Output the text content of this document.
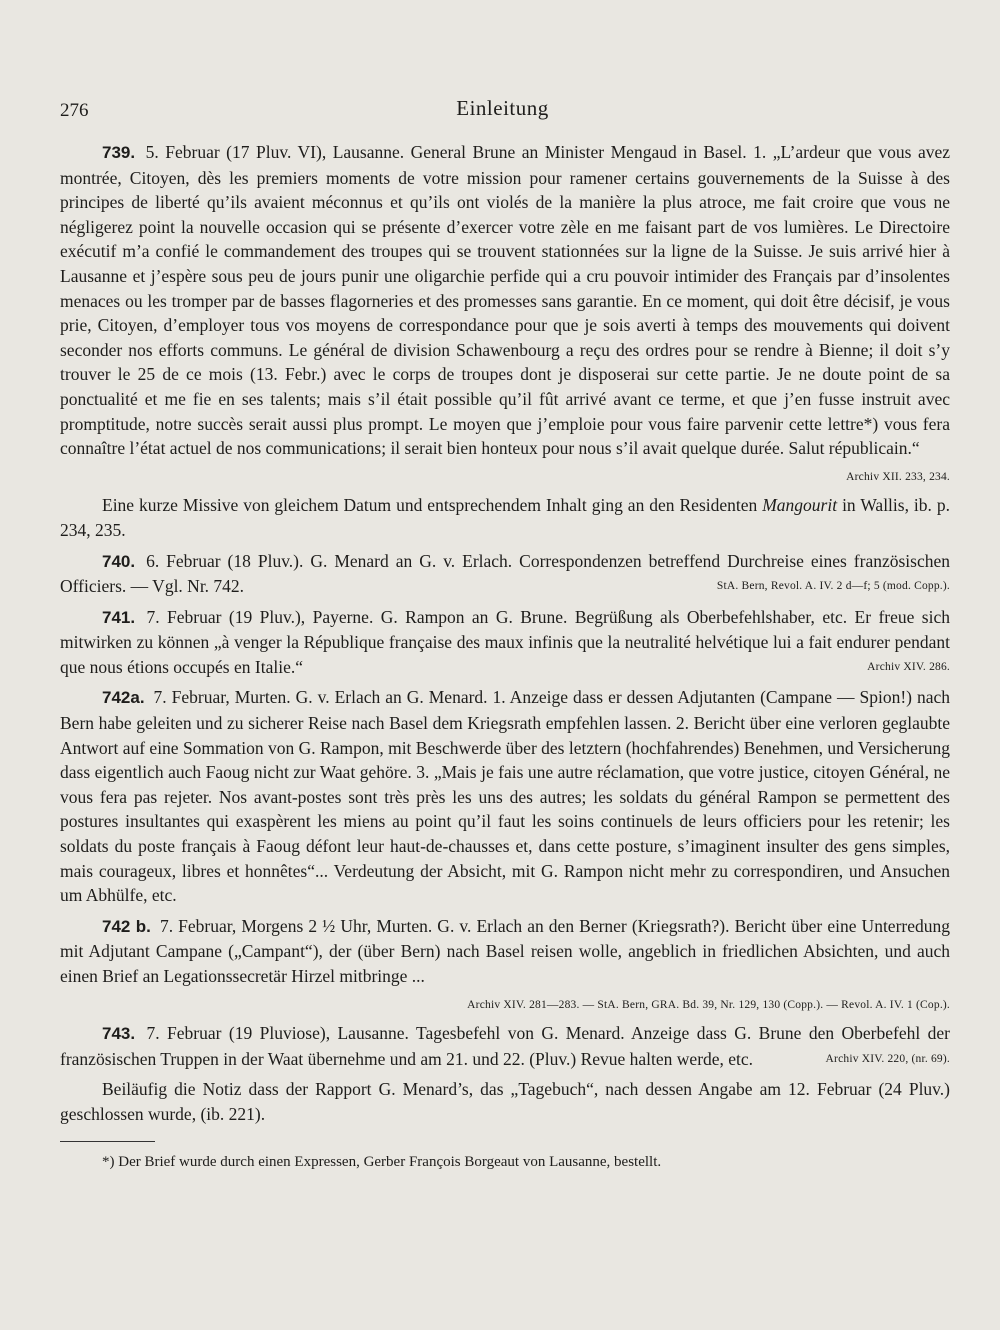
276	Einleitung

739. 5. Februar (17 Pluv. VI), Lausanne. General Brune an Minister Mengaud in Basel. 1. „L’ardeur que vous avez montrée, Citoyen, dès les premiers moments de votre mission pour ramener certains gouvernements de la Suisse à des principes de liberté qu’ils avaient méconnus et qu’ils ont violés de la manière la plus atroce, me fait croire que vous ne négligerez point la nouvelle occasion qui se présente d’exercer votre zèle en me faisant part de vos lumières. Le Directoire exécutif m’a confié le commandement des troupes qui se trouvent stationnées sur la ligne de la Suisse. Je suis arrivé hier à Lausanne et j’espère sous peu de jours punir une oligarchie perfide qui a cru pouvoir intimider des Français par d’insolentes menaces ou les tromper par de basses flagorneries et des promesses sans garantie. En ce moment, qui doit être décisif, je vous prie, Citoyen, d’employer tous vos moyens de correspondance pour que je sois averti à temps des mouvements qui doivent seconder nos efforts communs. Le général de division Schawenbourg a reçu des ordres pour se rendre à Bienne; il doit s’y trouver le 25 de ce mois (13. Febr.) avec le corps de troupes dont je disposerai sur cette partie. Je ne doute point de sa ponctualité et me fie en ses talents; mais s’il était possible qu’il fût arrivé avant ce terme, et que j’en fusse instruit avec promptitude, notre succès serait aussi plus prompt. Le moyen que j’emploie pour vous faire parvenir cette lettre*) vous fera connaître l’état actuel de nos communications; il serait bien honteux pour nous s’il avait quelque durée. Salut républicain.“

Archiv XII. 233, 234.

Eine kurze Missive von gleichem Datum und entsprechendem Inhalt ging an den Residenten Mangourit in Wallis, ib. p. 234, 235.

740. 6. Februar (18 Pluv.). G. Menard an G. v. Erlach. Correspondenzen betreffend Durchreise eines französischen Officiers. — Vgl. Nr. 742.	StA. Bern, Revol. A. IV. 2 d—f; 5 (mod. Copp.).

741. 7. Februar (19 Pluv.), Payerne. G. Rampon an G. Brune. Begrüßung als Oberbefehlshaber, etc. Er freue sich mitwirken zu können „à venger la République française des maux infinis que la neutralité helvétique lui a fait endurer pendant que nous étions occupés en Italie.“	Archiv XIV. 286.

742a. 7. Februar, Murten. G. v. Erlach an G. Menard. 1. Anzeige dass er dessen Adjutanten (Campane — Spion!) nach Bern habe geleiten und zu sicherer Reise nach Basel dem Kriegsrath empfehlen lassen. 2. Bericht über eine verloren geglaubte Antwort auf eine Sommation von G. Rampon, mit Beschwerde über des letztern (hochfahrendes) Benehmen, und Versicherung dass eigentlich auch Faoug nicht zur Waat gehöre. 3. „Mais je fais une autre réclamation, que votre justice, citoyen Général, ne vous fera pas rejeter. Nos avant-postes sont très près les uns des autres; les soldats du général Rampon se permettent des postures insultantes qui exaspèrent les miens au point qu’il faut les soins continuels de leurs officiers pour les retenir; les soldats du poste français à Faoug défont leur haut-de-chausses et, dans cette posture, s’imaginent insulter des gens simples, mais courageux, libres et honnêtes“... Verdeutung der Absicht, mit G. Rampon nicht mehr zu correspondiren, und Ansuchen um Abhülfe, etc.

742 b. 7. Februar, Morgens 2 ½ Uhr, Murten. G. v. Erlach an den Berner (Kriegsrath?). Bericht über eine Unterredung mit Adjutant Campane („Campant“), der (über Bern) nach Basel reisen wolle, angeblich in friedlichen Absichten, und auch einen Brief an Legationssecretär Hirzel mitbringe ...

Archiv XIV. 281—283. — StA. Bern, GRA. Bd. 39, Nr. 129, 130 (Copp.). — Revol. A. IV. 1 (Cop.).

743. 7. Februar (19 Pluviose), Lausanne. Tagesbefehl von G. Menard. Anzeige dass G. Brune den Oberbefehl der französischen Truppen in der Waat übernehme und am 21. und 22. (Pluv.) Revue halten werde, etc.	Archiv XIV. 220, (nr. 69).

Beiläufig die Notiz dass der Rapport G. Menard’s, das „Tagebuch“, nach dessen Angabe am 12. Februar (24 Pluv.) geschlossen wurde, (ib. 221).

*) Der Brief wurde durch einen Expressen, Gerber François Borgeaut von Lausanne, bestellt.
